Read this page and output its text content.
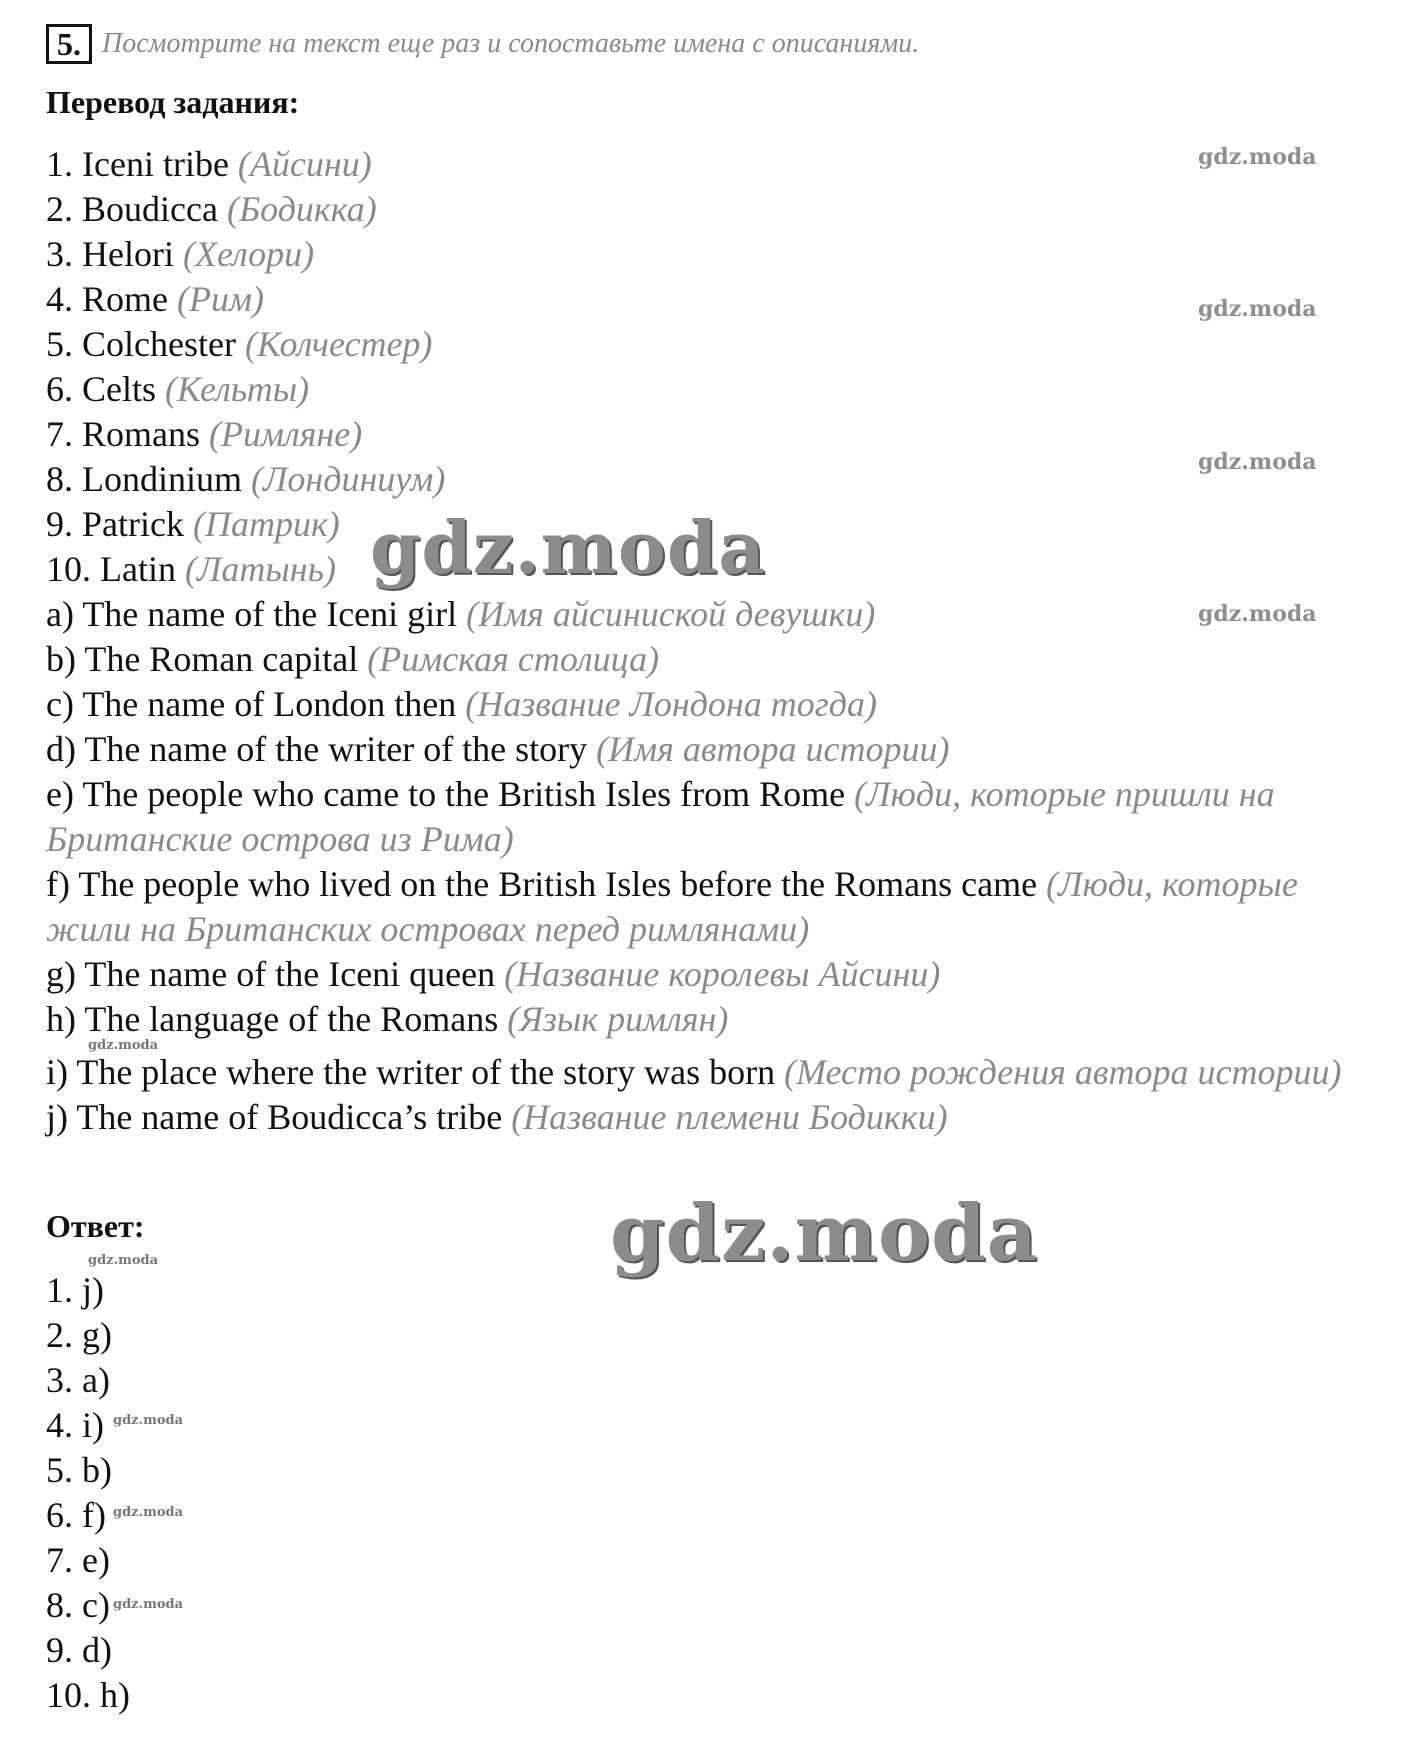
5. Посмотрите на текст еще раз и сопоставьте имена с описаниями.
Перевод задания:
1. Iceni tribe (Айсини)
2. Boudicca (Бодикка)
3. Helori (Хелори)
4. Rome (Рим)
5. Colchester (Колчестер)
6. Celts (Кельты)
7. Romans (Римляне)
8. Londinium (Лондиниум)
9. Patrick (Патрик)
10. Latin (Латынь)
a) The name of the Iceni girl (Имя айсиниской девушки)
b) The Roman capital (Римская столица)
c) The name of London then (Название Лондона тогда)
d) The name of the writer of the story (Имя автора истории)
e) The people who came to the British Isles from Rome (Люди, которые пришли на Британские острова из Рима)
f) The people who lived on the British Isles before the Romans came (Люди, которые жили на Британских островах перед римлянами)
g) The name of the Iceni queen (Название королевы Айсини)
h) The language of the Romans (Язык римлян)
i) The place where the writer of the story was born (Место рождения автора истории)
j) The name of Boudicca’s tribe (Название племени Бодикки)
Ответ:
1. j)
2. g)
3. a)
4. i)
5. b)
6. f)
7. e)
8. c)
9. d)
10. h)
gdz.moda
gdz.moda
gdz.moda
gdz.moda
gdz.moda
gdz.moda
gdz.moda
gdz.moda
gdz.moda
gdz.moda
gdz.moda
